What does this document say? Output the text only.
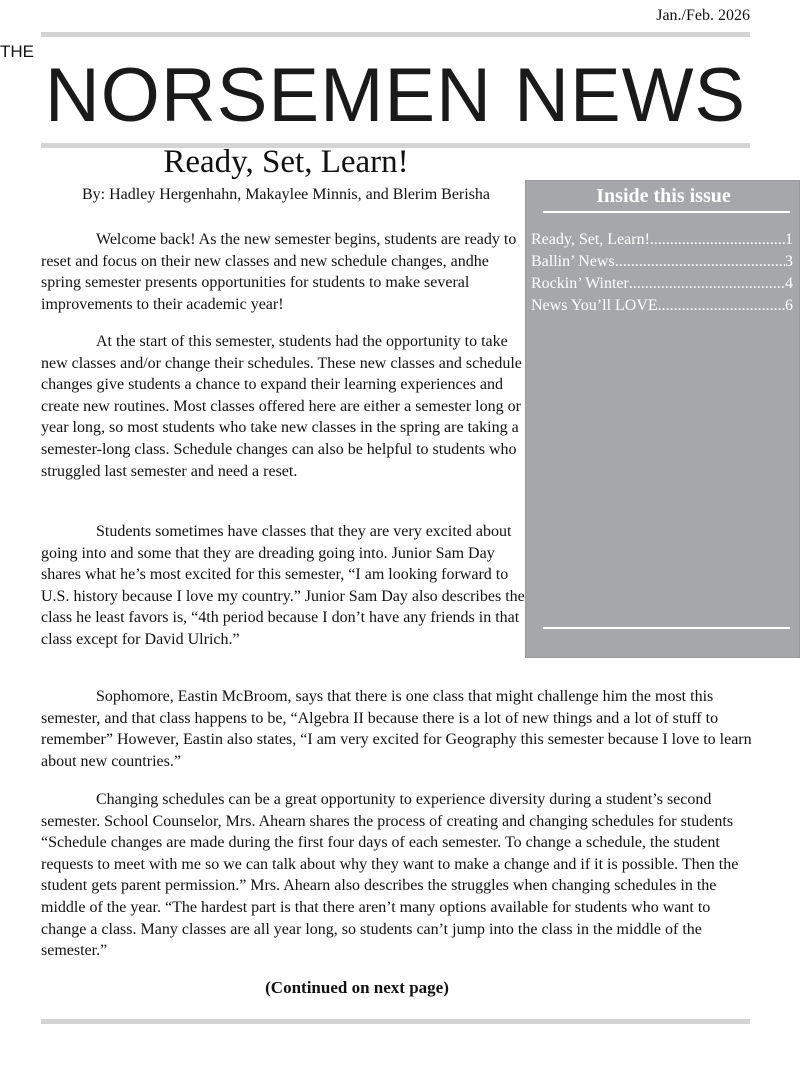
Jan./Feb. 2026
THE
NORSEMEN NEWS
Ready, Set, Learn!
By: Hadley Hergenhahn, Makaylee Minnis, and Blerim Berisha

Welcome back! As the new semester begins, students are ready to reset and focus on their new classes and new schedule changes, andhe spring semester presents opportunities for students to make several improvements to their academic year!

At the start of this semester, students had the opportunity to take new classes and/or change their schedules. These new classes and schedule changes give students a chance to expand their learning experiences and create new routines. Most classes offered here are either a semester long or year long, so most students who take new classes in the spring are taking a semester-long class. Schedule changes can also be helpful to students who struggled last semester and need a reset.

Students sometimes have classes that they are very excited about going into and some that they are dreading going into. Junior Sam Day shares what he’s most excited for this semester, “I am looking forward to U.S. history because I love my country.” Junior Sam Day also describes the class he least favors is, “4th period because I don’t have any friends in that class except for David Ulrich.”

Sophomore, Eastin McBroom, says that there is one class that might challenge him the most this semester, and that class happens to be, “Algebra II because there is a lot of new things and a lot of stuff to remember” However, Eastin also states, “I am very excited for Geography this semester because I love to learn about new countries.”

Changing schedules can be a great opportunity to experience diversity during a student’s second semester. School Counselor, Mrs. Ahearn shares the process of creating and changing schedules for students “Schedule changes are made during the first four days of each semester. To change a schedule, the student requests to meet with me so we can talk about why they want to make a change and if it is possible. Then the student gets parent permission.” Mrs. Ahearn also describes the struggles when changing schedules in the middle of the year. “The hardest part is that there aren’t many options available for students who want to change a class. Many classes are all year long, so students can’t jump into the class in the middle of the semester.”

Inside this issue
Ready, Set, Learn! .....	1
Ballin’ News .....	3
Rockin’ Winter .....	4
News You’ll LOVE .....	6
(Continued on next page)
